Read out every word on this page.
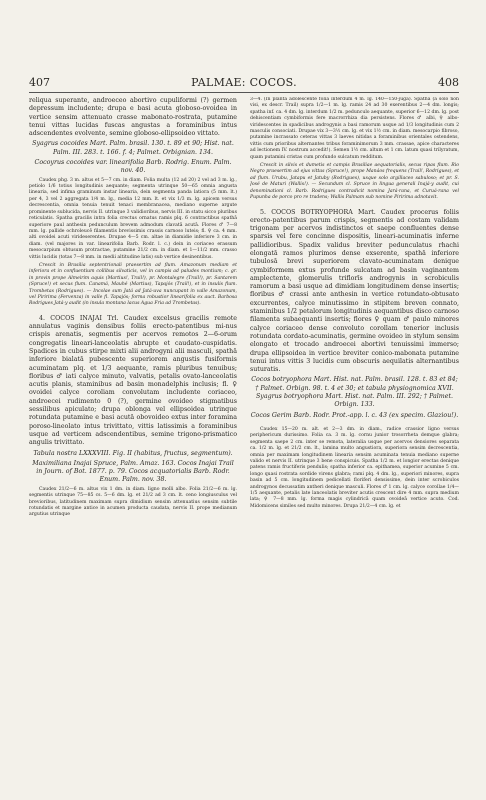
407	PALMAE: COCOS.	408

reliqua superante, androeceo abortivo cupuliformi (?) germen depressum includente; drupa e basi acuta globoso-ovoidea in vertice sensim attenuato crasse mabonato-rostrata, putamine tenui vittas lucidas fuscas angustas a foraminibus intus adscendentes evolvente, semine globoso-ellipsoideo vittato.

Syagrus cocoides Mart. Palm. brasil. 130. t. 89 et 90; Hist. nat. Palm. III. 283. t. 166. f. 4; Palmet. Orbignian. 134.

Cocoyrus cocoides var. linearifolia Barb. Rodrig. Enum. Palm. nov. 40.

Caudex phg. 3 m. altus et 5—7 cm. in diam. Folia multa (12 ad 20) 2 vel ad 3 m. lg., petiolo 1/6 totius longitudinis aequante; segmenta utrinque 50—65 omnia angusta linearia, sed infima graminum instar linearia, dein segmenta panda latiora (5 mm. lt.) per 4, 3 vel 2 aggregata 1/4 m. lg., media 12 mm. lt. et vix 1/3 m. lg. apicem versus decrescentia, omnia tenuia tenuit tenaci membranacea, mediano superne argute prominente sublucida, nervis II. utrinque 3 validioribus, nervis III. in statu sicco pluribus reticulatis. Spatha gracilis intra folia crectus ornatus ramis plq. 6 contractibus spathā superiore paul anthesin pedunculum brevem admodum clavatā acutā. Flores ♂ 7—8 mm. lg. pallide ochroleucē filamentis brevissimis crassis carnoso luteis; fl. ♀ ca. 4 mm. alti ovoidei acuti virideserentes. Drupae 4—5 cm. altae in diamidie inferiore 3 cm. in diam. (vel majores in var. linearifolia Barb. Rodr. l. c.) dein in coriaceo erassum mesocarpium obtusum protractae, putamine 21/2 cm. in diam. et 1—11/2 mm. crasso vittis lucidis (totas 7—8 mm. in medii altitudine latis) sub vertice desinentibus.

Crescit in Brasilia septentrionali praesertim ad flum. Amazonum mediam et inferiora et in confluentium collibus silvaticis, vel in campis ad paludes montium; c. gr. in provin prope Almeirim aquis (Martius!, Trail!), pr. Montalegre (Trail!), pr. Santarem (Spruce!) et secus flum. Canamá, Mauhé (Martius), Tapajós (Trail!), et in insulis flum. Trombetas (Rodrigues). — Incolae sum Jatá ad Jatá-uva nuncupant in valle Amazonum, vel Piririma (Fervenza) in valle fl. Tapajós; forma robustior linearifolia ex auct. Barbosa Rodrigues Jatá-y audit (in insula montana lacus Agua Fria ad Trombetas).

4. COCOS INAJAI Trl. Caudex excelsus gracilis remote annulatus vaginis densibus foliis erecto-patentibus mi-nus crispis arenatis, segmentis per acervos remotos 2—6-orum congregatis lineari-lanceolatis abrupte et caudato-cuspidatis. Spadices in cubus stirpe mixti alii androgyni alii masculi, spathā inferiore bialatā pubescente superiorem angustis fusiformis acuminatam plq. et 1/3 aequante, ramis pluribus tenuibus; floribus ♂ iati calyce minuto, valvatis, petalis ovato-lanceolatis acutis planis, staminibus ad basin monadelphis inclusis; fl. ♀ ovoidei calyce coroliam convolutam includente coriaceo, androecei rudimento 0 (?), germine ovoideo stigmatibus sessilibus apiculato; drupa oblonga vel ellipsoidea utrinque rotundata putamine e basi acutā obovoideo extus inter foramina poroso-lineolato intus trivittato, vittis latissimis a foraminibus usque ad verticem adscendentibus, semine trigono-prismatico angulis trivittato.

Tabula nostra LXXXVIII. Fig. II (habitus, fructus, segmentum).

Maximiliana Inajai Spruce, Palm. Amaz. 163. Cocos Inajai Trail in Journ. of Bot. 1877. p. 79. Cocos acquatorialis Barb. Rodr. Enum. Palm. nov. 38.

Caudex 21/2—6 m. altus vix 1 dm. in diam. ligno molli albo. Folia 21/2—6 m. lg. segmentis utrinque 75—85 cs. 5—6 dm. lg. et 21/2 ad 3 cm. lt. ceno longiusculus vel brevioribus, latitudinem maximam supra dimidium sensim attenuatius sensim subtile rotundatis et margine antice in acumen producta caudata, nervis II. prope medianum argutius utrinque

3—4. (In plantā adolescente folia interdum 4 m. lg. 140—150-juga). Spatha (a solo non visi, ex descr. Trail) supra 1/2—1 m. lg. ramis 24 ad 30 exerentibus 2—4 dm. longis; spatha inf. ca. 4 dm. lg. interdum 1/2 m. pedunculo aequante, superior 6—12 dm. lg. post dehiscentiam cymbiformis fere macrorrhiza dia persistens. Flores ♂ albi, ♀ albo-viridescentes in spadicibus androgynis a basi ramorum usque ad 1/3 longitudinis cum 2 masculis consociati. Drupae vix 3—3½ cm. lg. et vix 1½ cm. in diam. mesocarpio fibroso, putamine incrassato ceteras vittas 3 laeves nitidas a foraminibus orientales ostendens, vittis cum prioribus alternantes tribus foraminimorum 3 mm. crassae, apice characteres ad lectionem IV. nostrum accedit!). Semen 1½ cm. altum et 1 cm. latum quasi trilyratum, quam putamini cristas cum profundo sulcatum redditum.

Crescit in silvis et dumetis et campis Brasiliae aequatorialis, secus ripas flum. Rio Negro praesertim ad ejus vittas (Spruce!), prope Manáos frequens (Trail!, Rodrigues), et ad flum. Urubu, Jatapu et Jatuby (Rodrigues), usque solo argillaceo sabuloso; et pr. S. José de Maturi (Wallis!). — Secundum cl. Spruce in lingua generali Inajá-y audit, cui denominationi cl. Barb. Rodrigues contradicit nomina Jará-rana, et Curuá-rana vel Pupunha de porco pro re tradens; Wallis Palmam sub nomine Piririma adnotavit.

5. COCOS BOTRYOPHORA Mart. Caudex procerus foliis erecto-patentibus parum crispis, segmentis ad costam validam trigonam per acervos indistinctos et saepe confluentes dense sparsis vel fere concinne dispositis, lineari-acuminatis inferne pallidioribus. Spadix validus breviter pedunculatus rhachi elongatā ramos plurimos dense exserente, spathā inferiore tubulosā brevi superiorem clavato-acuminatam denique cymbiformem extus profunde sulcatam ad basin vaginantem amplectente, glomerulis triflorīs androgynis in scrobiculis ramorum a basi usque ad dimidiam longitudinem dense insertis; floribus ♂ crassi ante anthesin in vertice rotundato-obtusato excurrentes, calyce minutissimo in stipitem breven connato, staminibus 1/2 petalorum longitudinis aequantibus disco carnoso filamenta subaequanti insertis; flores ♀ quam ♂ paulo minores calyce coriaceo dense convoluto corollam tenerior inclusis rotundata cordato-acuminatis, germine ovoideo in stylum sensim elongato et trocado androecei abortivi tenuissimi immerso; drupa ellipsoidea in vertice breviter conico-mabonata putamine tenui intus vittis 3 lucidis cum obscuris aequilatis alternantibus suturatis.

Cocos botryophora Mart. Hist. nat. Palm. brasil. 128. t. 83 et 84; † Palmet. Orbign. 98. t. 4 et 30; et tabula physiognomica XVII. Syagrus botryophora Mart. Hist. nat. Palm. III. 292; † Palmet. Orbign. 133.

Cocos Gerim Barb. Rodr. Prot.-app. l. c. 43 (ex specim. Glaziou!).

Caudex 15—20 m. alt. et 2—3 dm. in diam., radice crassior ligno versus periphericum durissimo. Folia ca. 3 m. lg. cornu junior trosorrheta demque glabra; segmenta saepe 2 cm. inter se remota, lateralia usque per acervos densiores separata ca. 1/2 m. lg. et 21/2 cm. lt., lamina multo angustiora, superiora sensim decrescentia, omnia per maximam longitudinem linearia sensim acuminata tenuia mediano superne valido et nervis II. utrinque 3 bene conspicuis. Spatha 1/2 m. et longior erectas denique patens ramis fructiferis pendulis; spatha inferior ca. epithamea, superior acumine 5 cm. longo quasi rostrata sordide virens glabra; rami plq. 4 dm. lg., superiori minores, supra basin ad 5 cm. longitudinem pedicellati floriferi densissime, dein inter scrobiculos androgynos decussatim antheri denique masculi. Flores ♂ 1 cm. lg. calyce corollae 1/4—1/5 aequante, petalis late lanceolatis breviter acutis crescent dire 4 mm. supra medium lata; ♀ 7—8 mm. lg. forma magis cylindricā quam ovoideā vertice acuto. Cod. Midomicens similes sed multo minores. Drupa 21/2—4 cm. lg. et
